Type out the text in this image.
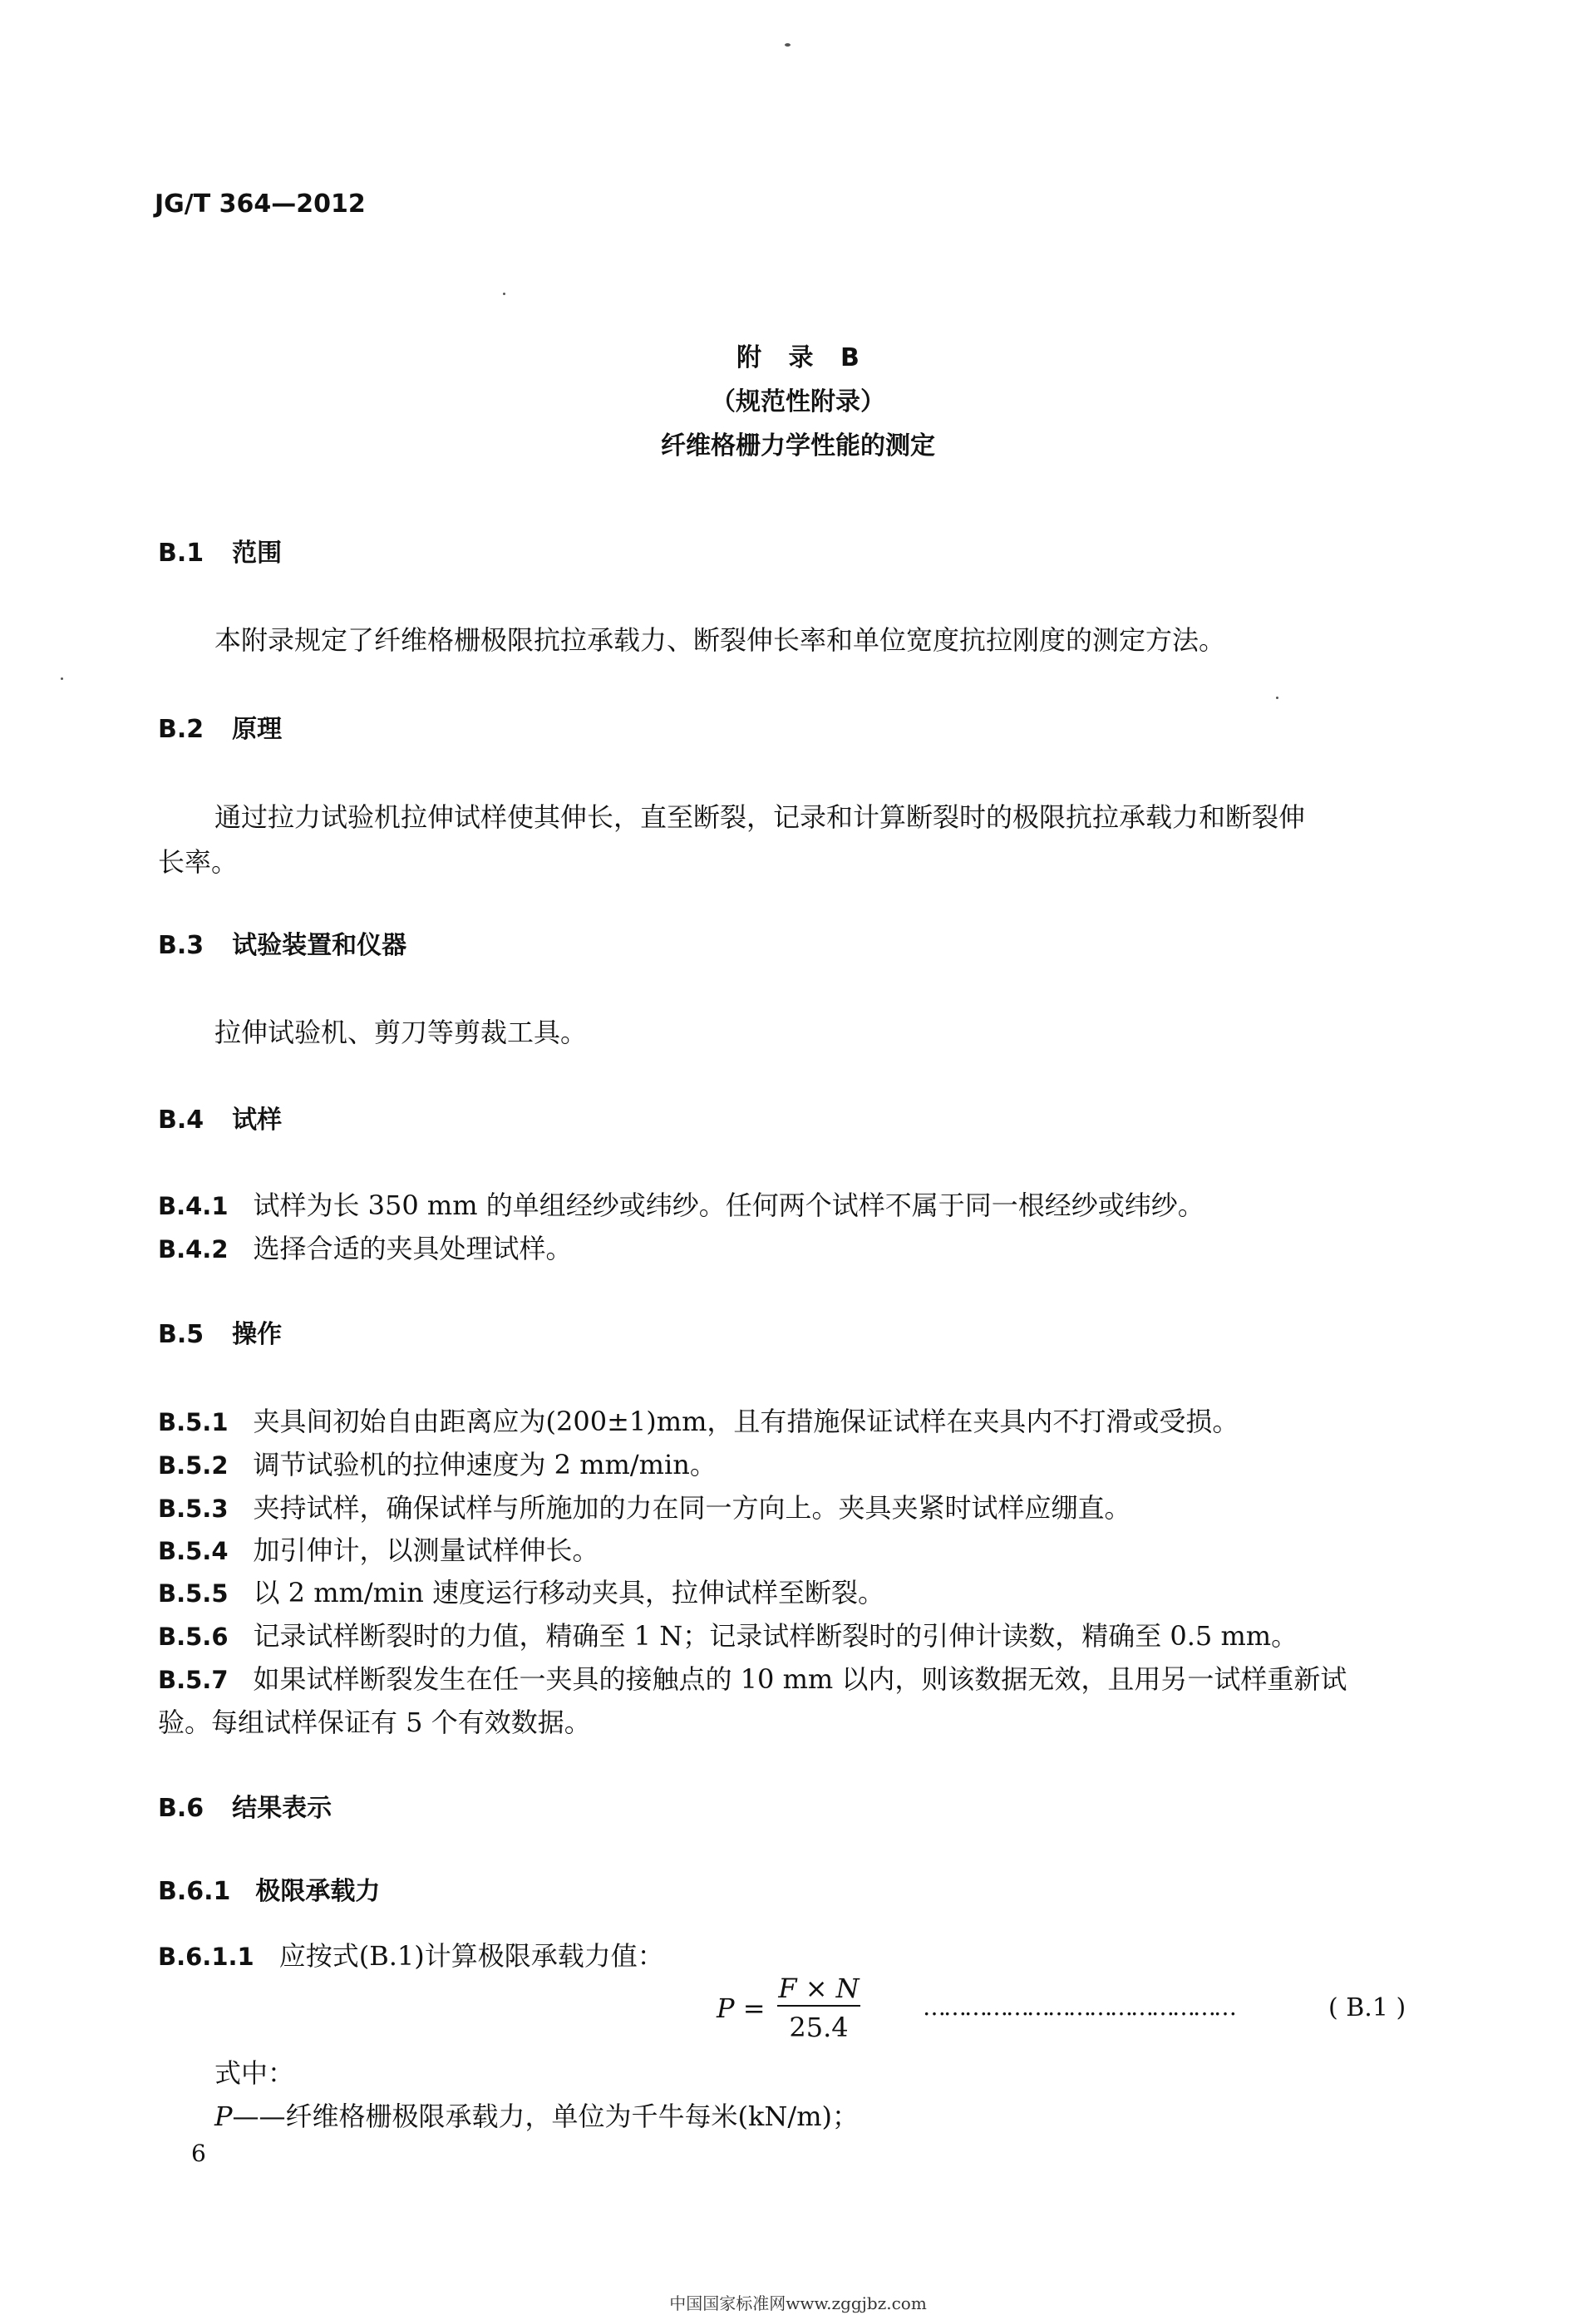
JG/T 364—2012
附 录 B
（规范性附录）
纤维格栅力学性能的测定
B.1 范围
本附录规定了纤维格栅极限抗拉承载力、断裂伸长率和单位宽度抗拉刚度的测定方法。
B.2 原理
通过拉力试验机拉伸试样使其伸长，直至断裂，记录和计算断裂时的极限抗拉承载力和断裂伸
长率。
B.3 试验装置和仪器
拉伸试验机、剪刀等剪裁工具。
B.4 试样
B.4.1 试样为长 350 mm 的单组经纱或纬纱。任何两个试样不属于同一根经纱或纬纱。
B.4.2 选择合适的夹具处理试样。
B.5 操作
B.5.1 夹具间初始自由距离应为(200±1)mm，且有措施保证试样在夹具内不打滑或受损。
B.5.2 调节试验机的拉伸速度为 2 mm/min。
B.5.3 夹持试样，确保试样与所施加的力在同一方向上。夹具夹紧时试样应绷直。
B.5.4 加引伸计，以测量试样伸长。
B.5.5 以 2 mm/min 速度运行移动夹具，拉伸试样至断裂。
B.5.6 记录试样断裂时的力值，精确至 1 N；记录试样断裂时的引伸计读数，精确至 0.5 mm。
B.5.7 如果试样断裂发生在任一夹具的接触点的 10 mm 以内，则该数据无效，且用另一试样重新试
验。每组试样保证有 5 个有效数据。
B.6 结果表示
B.6.1 极限承载力
B.6.1.1 应按式(B.1)计算极限承载力值：
P =
F × N
25.4
………………………………………	( B.1 )
式中：
P——纤维格栅极限承载力，单位为千牛每米(kN/m)；
6
中国国家标准网www.zggjbz.com
